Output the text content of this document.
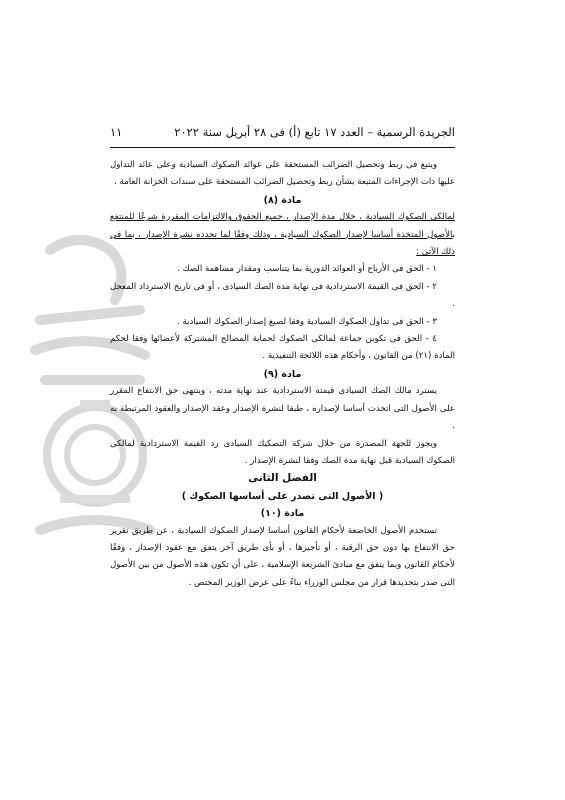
الجريدة الرسمية – العدد ١٧ تابع (أ) فى ٢٨ أبريل سنة ٢٠٢٢
١١

ويتبع فى ربط وتحصيل الضرائب المستحقة على عوائد الصكوك السيادية وعلى عائد التداول عليها ذات الإجراءات المتبعة بشأن ربط وتحصيل الضرائب المستحقة على سندات الخزانة العامة .

مادة (٨)

لمالكى الصكوك السيادية ، خلال مدة الإصدار ، جميع الحقوق والالتزامات المقررة شرعًا للمنتفع بالأصول المتخذة أساسا لإصدار الصكوك السيادية ، وذلك وفقًا لما تحدده نشرة الإصدار ، بما فى ذلك الآتى :

١ - الحق فى الأرباح أو العوائد الدورية بما يتناسب ومقدار مساهمة الصك .

٢ - الحق فى القيمة الاستردادية فى نهاية مدة الصك السيادى ، أو فى تاريخ الاسترداد المعجل .

٣ - الحق فى تداول الصكوك السيادية وفقا لصيغ إصدار الصكوك السيادية .

٤ - الحق فى تكوين جماعة لمالكى الصكوك لحماية المصالح المشتركة لأعضائها وفقا لحكم المادة (٢١) من القانون ، وأحكام هذه اللائحة التنفيذية .

مادة (٩)

يسترد مالك الصك السيادى قيمته الاستردادية عند نهاية مدته ، وينتهى حق الانتفاع المقرر على الأصول التى اتخذت أساسا لإصداره ، طبقا لنشرة الإصدار وعقد الإصدار والعقود المرتبطة به .

ويجوز للجهة المصدرة من خلال شركة التصكيك السيادى رد القيمة الاستردادية لمالكى الصكوك السيادية قبل نهاية مدة الصك وفقا لنشرة الإصدار .

الفصل الثانى

( الأصول التى تصدر على أساسها الصكوك )

مادة (١٠)

تستخدم الأصول الخاضعة لأحكام القانون أساسا لإصدار الصكوك السيادية ، عن طريق تقرير حق الانتفاع بها دون حق الرقبة ، أو تأجيرها ، أو بأى طريق آخر يتفق مع عقود الإصدار ، وفقًا لأحكام القانون وبما يتفق مع مبادئ الشريعة الإسلامية ، على أن تكون هذه الأصول من بين الأصول التى صدر بتحديدها قرار من مجلس الوزراء بناءً على عرض الوزير المختص .
